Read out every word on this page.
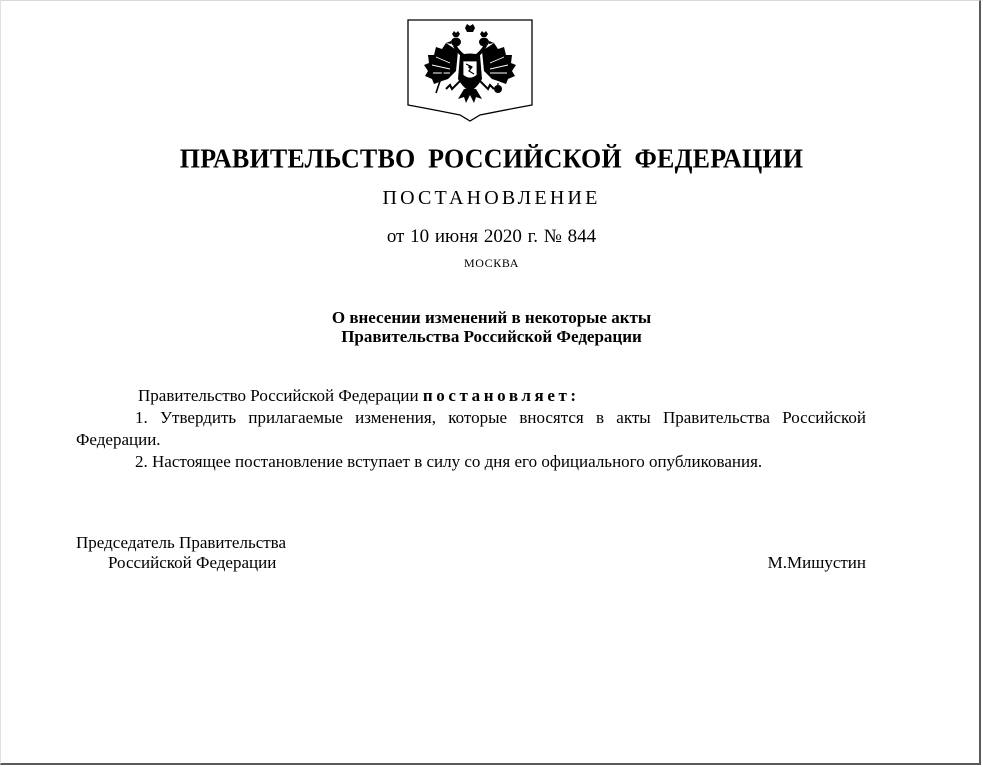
ПРАВИТЕЛЬСТВО РОССИЙСКОЙ ФЕДЕРАЦИИ
ПОСТАНОВЛЕНИЕ
от 10 июня 2020 г. № 844
МОСКВА
О внесении изменений в некоторые акты
Правительства Российской Федерации

Правительство Российской Федерации постановляет:

1. Утвердить прилагаемые изменения, которые вносятся в акты Правительства Российской Федерации.

2. Настоящее постановление вступает в силу со дня его официального опубликования.

Председатель Правительства
Российской Федерации	М.Мишустин
